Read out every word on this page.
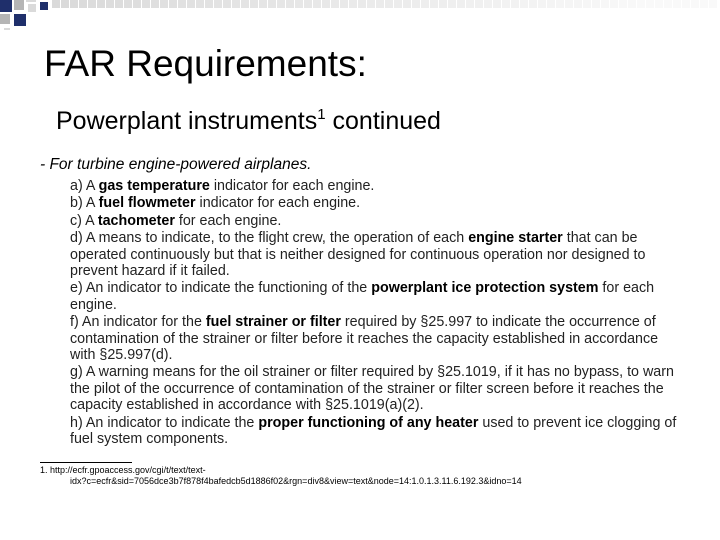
FAR Requirements:
Powerplant instruments$^1$ continued
- For turbine engine-powered airplanes.
a) A gas temperature indicator for each engine.
b) A fuel flowmeter indicator for each engine.
c) A tachometer for each engine.
d) A means to indicate, to the flight crew, the operation of each engine starter that can be operated continuously but that is neither designed for continuous operation nor designed to prevent hazard if it failed.
e) An indicator to indicate the functioning of the powerplant ice protection system for each engine.
f) An indicator for the fuel strainer or filter required by §25.997 to indicate the occurrence of contamination of the strainer or filter before it reaches the capacity established in accordance with §25.997(d).
g) A warning means for the oil strainer or filter required by §25.1019, if it has no bypass, to warn the pilot of the occurrence of contamination of the strainer or filter screen before it reaches the capacity established in accordance with §25.1019(a)(2).
h) An indicator to indicate the proper functioning of any heater used to prevent ice clogging of fuel system components.
1. http://ecfr.gpoaccess.gov/cgi/t/text/text-
idx?c=ecfr&sid=7056dce3b7f878f4bafedcb5d1886f02&rgn=div8&view=text&node=14:1.0.1.3.11.6.192.3&idno=14
